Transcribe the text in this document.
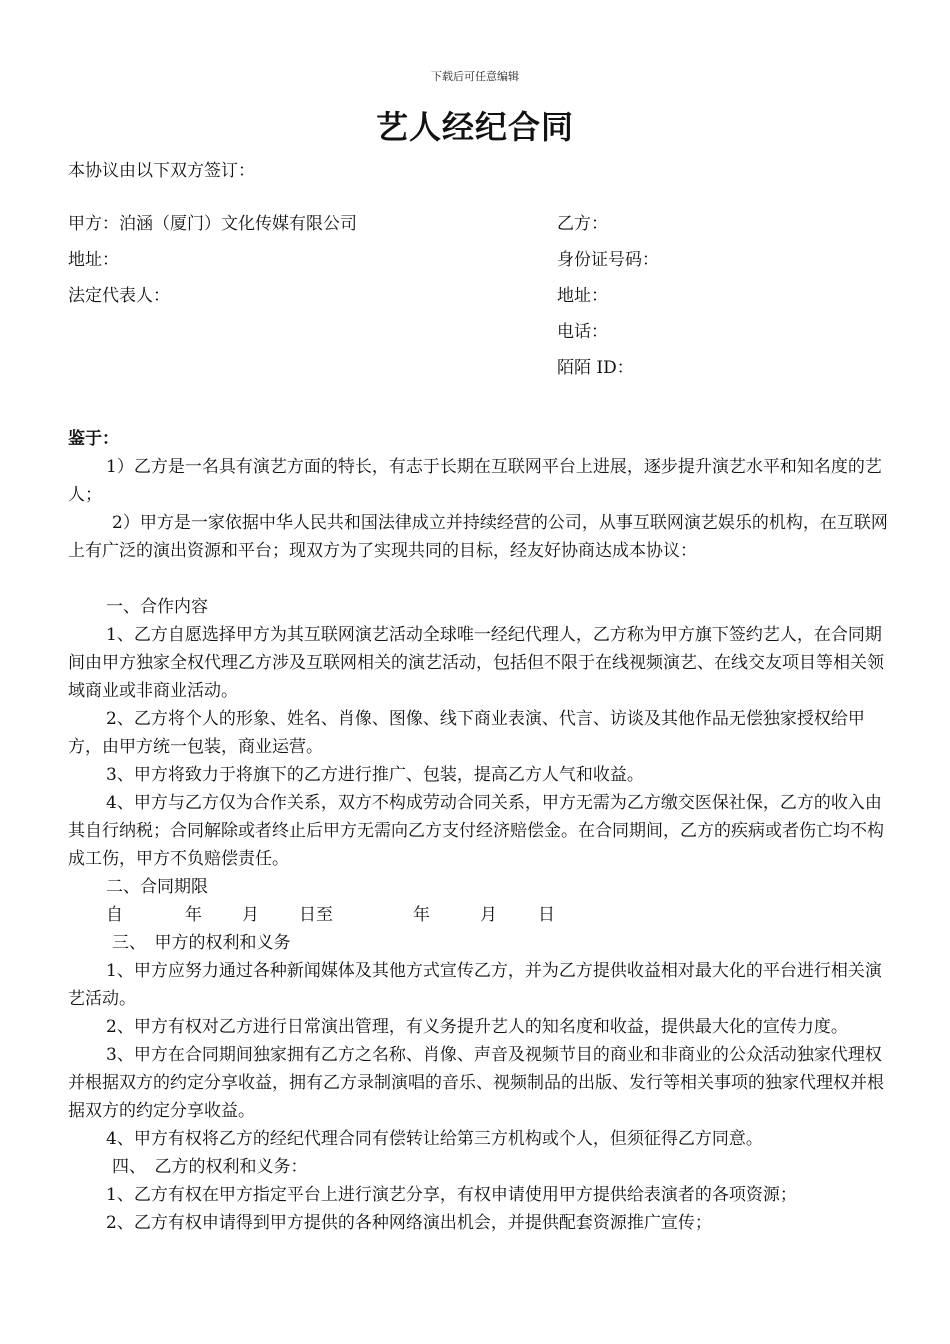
下载后可任意编辑
艺人经纪合同
本协议由以下双方签订：
甲方：泊涵（厦门）文化传媒有限公司
地址：
法定代表人：
乙方：
身份证号码：
地址：
电话：
陌陌 ID：

鉴于：

1）乙方是一名具有演艺方面的特长，有志于长期在互联网平台上进展，逐步提升演艺水平和知名度的艺人；

2）甲方是一家依据中华人民共和国法律成立并持续经营的公司，从事互联网演艺娱乐的机构，在互联网上有广泛的演出资源和平台；现双方为了实现共同的目标，经友好协商达成本协议：

一、合作内容

1、乙方自愿选择甲方为其互联网演艺活动全球唯一经纪代理人，乙方称为甲方旗下签约艺人，在合同期间由甲方独家全权代理乙方涉及互联网相关的演艺活动，包括但不限于在线视频演艺、在线交友项目等相关领域商业或非商业活动。

2、乙方将个人的形象、姓名、肖像、图像、线下商业表演、代言、访谈及其他作品无偿独家授权给甲方，由甲方统一包装，商业运营。

3、甲方将致力于将旗下的乙方进行推广、包装，提高乙方人气和收益。

4、甲方与乙方仅为合作关系，双方不构成劳动合同关系，甲方无需为乙方缴交医保社保，乙方的收入由其自行纳税；合同解除或者终止后甲方无需向乙方支付经济赔偿金。在合同期间，乙方的疾病或者伤亡均不构成工伤，甲方不负赔偿责任。

二、合同期限

自	年 月 日至	年	月 日

三、　甲方的权利和义务

1、甲方应努力通过各种新闻媒体及其他方式宣传乙方，并为乙方提供收益相对最大化的平台进行相关演艺活动。

2、甲方有权对乙方进行日常演出管理，有义务提升艺人的知名度和收益，提供最大化的宣传力度。

3、甲方在合同期间独家拥有乙方之名称、肖像、声音及视频节目的商业和非商业的公众活动独家代理权并根据双方的约定分享收益，拥有乙方录制演唱的音乐、视频制品的出版、发行等相关事项的独家代理权并根据双方的约定分享收益。

4、甲方有权将乙方的经纪代理合同有偿转让给第三方机构或个人，但须征得乙方同意。

四、　乙方的权利和义务：

1、乙方有权在甲方指定平台上进行演艺分享，有权申请使用甲方提供给表演者的各项资源；

2、乙方有权申请得到甲方提供的各种网络演出机会，并提供配套资源推广宣传；
